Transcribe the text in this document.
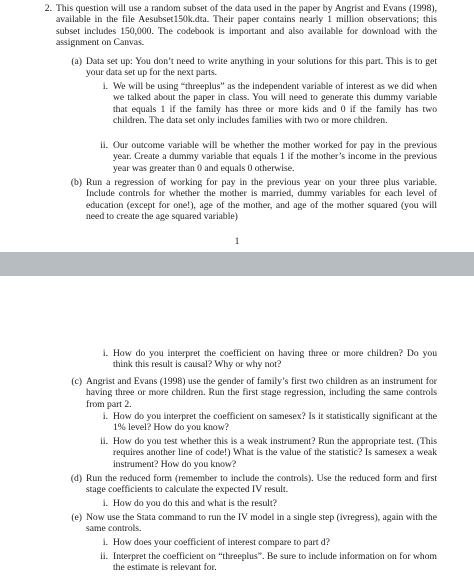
2. This question will use a random subset of the data used in the paper by Angrist and Evans (1998), available in the file Aesubset150k.dta. Their paper contains nearly 1 million observations; this subset includes 150,000. The codebook is important and also available for download with the assignment on Canvas.

(a) Data set up: You don’t need to write anything in your solutions for this part. This is to get your data set up for the next parts.

i. We will be using “threeplus” as the independent variable of interest as we did when we talked about the paper in class. You will need to generate this dummy variable that equals 1 if the family has three or more kids and 0 if the family has two children. The data set only includes families with two or more children.

ii. Our outcome variable will be whether the mother worked for pay in the previous year. Create a dummy variable that equals 1 if the mother’s income in the previous year was greater than 0 and equals 0 otherwise.

(b) Run a regression of working for pay in the previous year on your three plus variable. Include controls for whether the mother is married, dummy variables for each level of education (except for one!), age of the mother, and age of the mother squared (you will need to create the age squared variable)

1

i. How do you interpret the coefficient on having three or more children? Do you think this result is causal? Why or why not?

(c) Angrist and Evans (1998) use the gender of family’s first two children as an instrument for having three or more children. Run the first stage regression, including the same controls from part 2.

i. How do you interpret the coefficient on samesex? Is it statistically significant at the 1% level? How do you know?

ii. How do you test whether this is a weak instrument? Run the appropriate test. (This requires another line of code!) What is the value of the statistic? Is samesex a weak instrument? How do you know?

(d) Run the reduced form (remember to include the controls). Use the reduced form and first stage coefficients to calculate the expected IV result.

i. How do you do this and what is the result?

(e) Now use the Stata command to run the IV model in a single step (ivregress), again with the same controls.

i. How does your coefficient of interest compare to part d?

ii. Interpret the coefficient on “threeplus”. Be sure to include information on for whom the estimate is relevant for.
